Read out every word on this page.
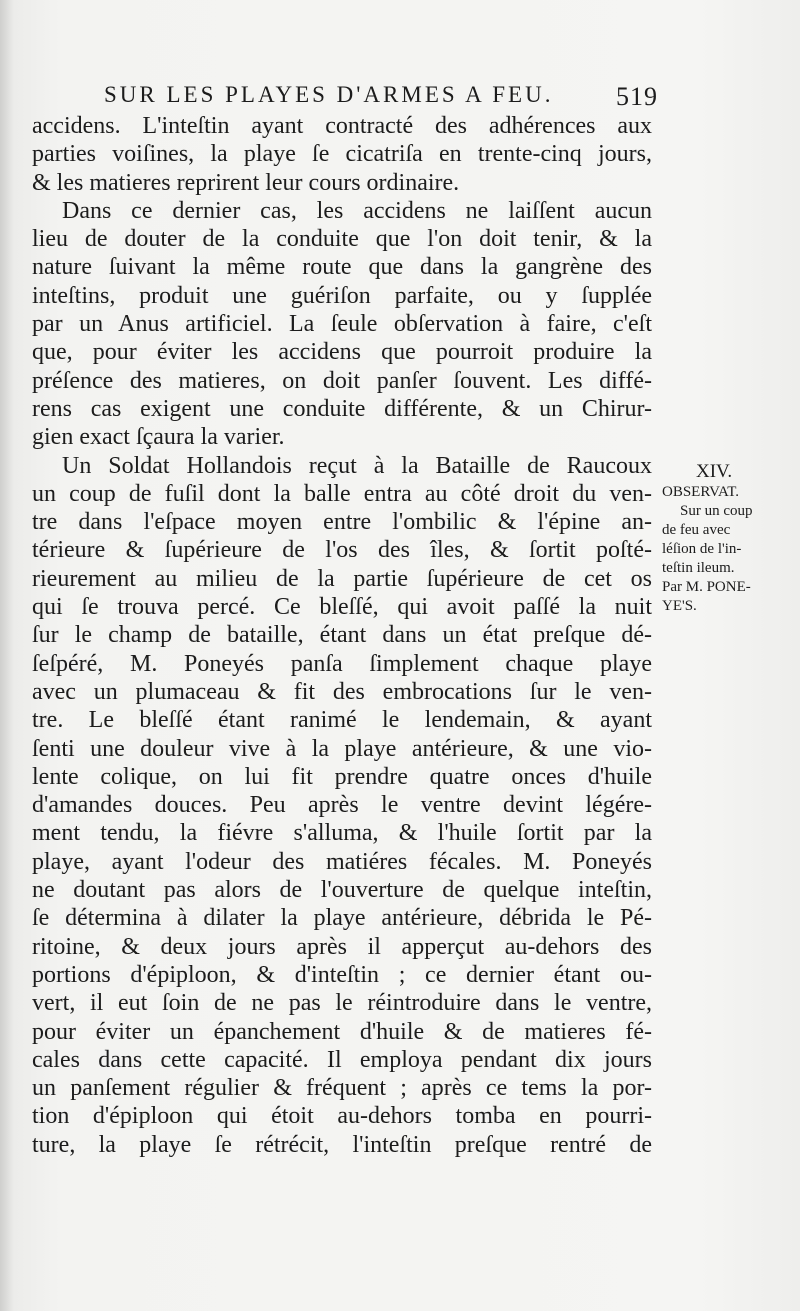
SUR LES PLAYES D'ARMES A FEU. 519
accidens. L'inteſtin ayant contracté des adhérences aux
parties voiſines, la playe ſe cicatriſa en trente-cinq jours,
& les matieres reprirent leur cours ordinaire.
Dans ce dernier cas, les accidens ne laiſſent aucun
lieu de douter de la conduite que l'on doit tenir, & la
nature ſuivant la même route que dans la gangrène des
inteſtins, produit une guériſon parfaite, ou y ſupplée
par un Anus artificiel. La ſeule obſervation à faire, c'eſt
que, pour éviter les accidens que pourroit produire la
préſence des matieres, on doit panſer ſouvent. Les diffé-
rens cas exigent une conduite différente, & un Chirur-
gien exact ſçaura la varier.
Un Soldat Hollandois reçut à la Bataille de Raucoux
un coup de fuſil dont la balle entra au côté droit du ven-
tre dans l'eſpace moyen entre l'ombilic & l'épine an-
térieure & ſupérieure de l'os des îles, & ſortit poſté-
rieurement au milieu de la partie ſupérieure de cet os
qui ſe trouva percé. Ce bleſſé, qui avoit paſſé la nuit
ſur le champ de bataille, étant dans un état preſque dé-
ſeſpéré, M. Poneyés panſa ſimplement chaque playe
avec un plumaceau & fit des embrocations ſur le ven-
tre. Le bleſſé étant ranimé le lendemain, & ayant
ſenti une douleur vive à la playe antérieure, & une vio-
lente colique, on lui fit prendre quatre onces d'huile
d'amandes douces. Peu après le ventre devint légére-
ment tendu, la fiévre s'alluma, & l'huile ſortit par la
playe, ayant l'odeur des matiéres fécales. M. Poneyés
ne doutant pas alors de l'ouverture de quelque inteſtin,
ſe détermina à dilater la playe antérieure, débrida le Pé-
ritoine, & deux jours après il apperçut au-dehors des
portions d'épiploon, & d'inteſtin ; ce dernier étant ou-
vert, il eut ſoin de ne pas le réintroduire dans le ventre,
pour éviter un épanchement d'huile & de matieres fé-
cales dans cette capacité. Il employa pendant dix jours
un panſement régulier & fréquent ; après ce tems la por-
tion d'épiploon qui étoit au-dehors tomba en pourri-
ture, la playe ſe rétrécit, l'inteſtin preſque rentré de
XIV.
OBSERVAT.
Sur un coup
de feu avec
léſion de l'in-
teſtin ileum.
Par M. PONE-
YE'S.
